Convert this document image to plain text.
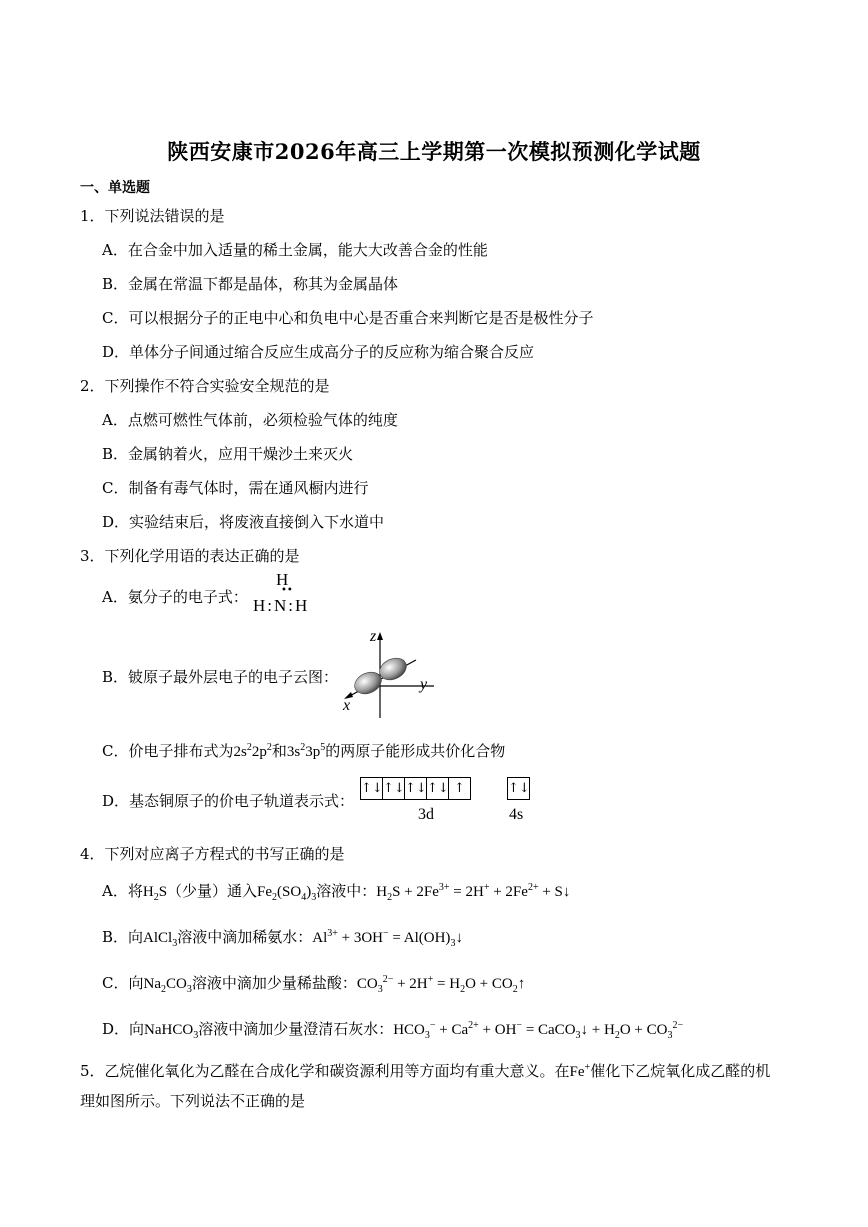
陕西安康市2026年高三上学期第一次模拟预测化学试题
一、单选题
1．下列说法错误的是
A．在合金中加入适量的稀土金属，能大大改善合金的性能
B．金属在常温下都是晶体，称其为金属晶体
C．可以根据分子的正电中心和负电中心是否重合来判断它是否是极性分子
D．单体分子间通过缩合反应生成高分子的反应称为缩合聚合反应
2．下列操作不符合实验安全规范的是
A．点燃可燃性气体前，必须检验气体的纯度
B．金属钠着火，应用干燥沙土来灭火
C．制备有毒气体时，需在通风橱内进行
D．实验结束后，将废液直接倒入下水道中
3．下列化学用语的表达正确的是
A．氨分子的电子式：
H
••
H:N:H
B．铍原子最外层电子的电子云图：
z
y
x
C．价电子排布式为$2s^22p^2$和$3s^23p^5$的两原子能形成共价化合物
D．基态铜原子的价电子轨道表示式：
↑↓↑↓↑↓↑↓ ↑	↑↓
3d	4s
4．下列对应离子方程式的书写正确的是
A．将$H_2S$（少量）通入$Fe_2(SO_4)_3$溶液中：$H_2S + 2Fe^{3+} = 2H^+ + 2Fe^{2+}$ + S↓
B．向AlCl$_3$溶液中滴加稀氨水：$Al^{3+} + 3OH^-$ = $Al(OH)_3↓$
C．向$Na_2CO_3$溶液中滴加少量稀盐酸：$CO_3^{2-} + 2H^+ = H_2O$ + $CO_2↑$
D．向NaHCO$_3$溶液中滴加少量澄清石灰水：$HCO_3^- + Ca^{2+} + OH^-$ = CaCO$_3$↓ + $H_2O + CO_3^{2-}$
5．乙烷催化氧化为乙醛在合成化学和碳资源利用等方面均有重大意义。在Fe+催化下乙烷氧化成乙醛的机
理如图所示。下列说法不正确的是
